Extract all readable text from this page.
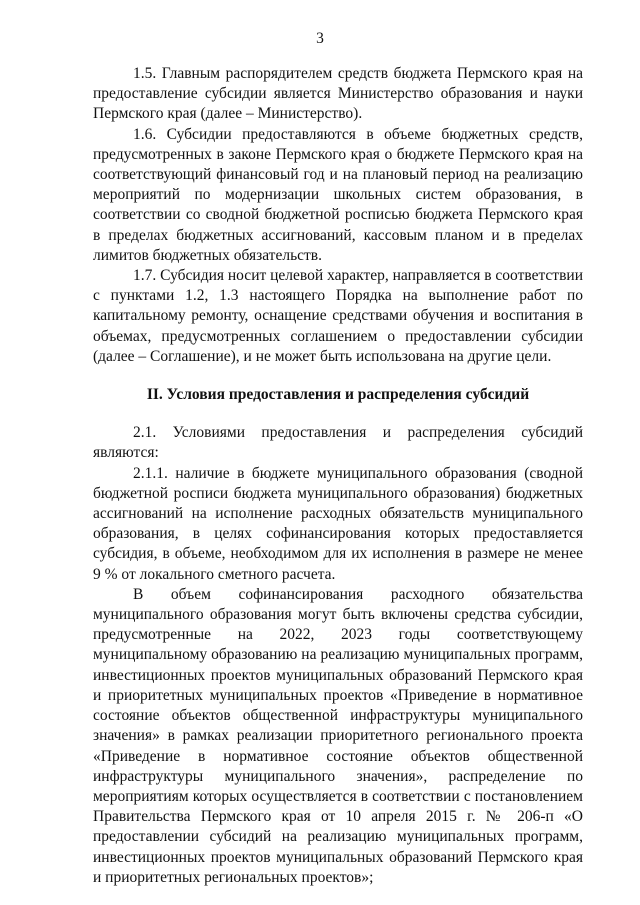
3

1.5. Главным распорядителем средств бюджета Пермского края на предоставление субсидии является Министерство образования и науки Пермского края (далее – Министерство).

1.6. Субсидии предоставляются в объеме бюджетных средств, предусмотренных в законе Пермского края о бюджете Пермского края на соответствующий финансовый год и на плановый период на реализацию мероприятий по модернизации школьных систем образования, в соответствии со сводной бюджетной росписью бюджета Пермского края в пределах бюджетных ассигнований, кассовым планом и в пределах лимитов бюджетных обязательств.

1.7. Субсидия носит целевой характер, направляется в соответствии с пунктами 1.2, 1.3 настоящего Порядка на выполнение работ по капитальному ремонту, оснащение средствами обучения и воспитания в объемах, предусмотренных соглашением о предоставлении субсидии (далее – Соглашение), и не может быть использована на другие цели.

II. Условия предоставления и распределения субсидий

2.1. Условиями предоставления и распределения субсидий являются:

2.1.1. наличие в бюджете муниципального образования (сводной бюджетной росписи бюджета муниципального образования) бюджетных ассигнований на исполнение расходных обязательств муниципального образования, в целях софинансирования которых предоставляется субсидия, в объеме, необходимом для их исполнения в размере не менее 9 % от локального сметного расчета.

В объем софинансирования расходного обязательства муниципального образования могут быть включены средства субсидии, предусмотренные на 2022, 2023 годы соответствующему муниципальному образованию на реализацию муниципальных программ, инвестиционных проектов муниципальных образований Пермского края и приоритетных муниципальных проектов «Приведение в нормативное состояние объектов общественной инфраструктуры муниципального значения» в рамках реализации приоритетного регионального проекта «Приведение в нормативное состояние объектов общественной инфраструктуры муниципального значения», распределение по мероприятиям которых осуществляется в соответствии с постановлением Правительства Пермского края от 10 апреля 2015 г. № 206-п «О предоставлении субсидий на реализацию муниципальных программ, инвестиционных проектов муниципальных образований Пермского края и приоритетных региональных проектов»;
